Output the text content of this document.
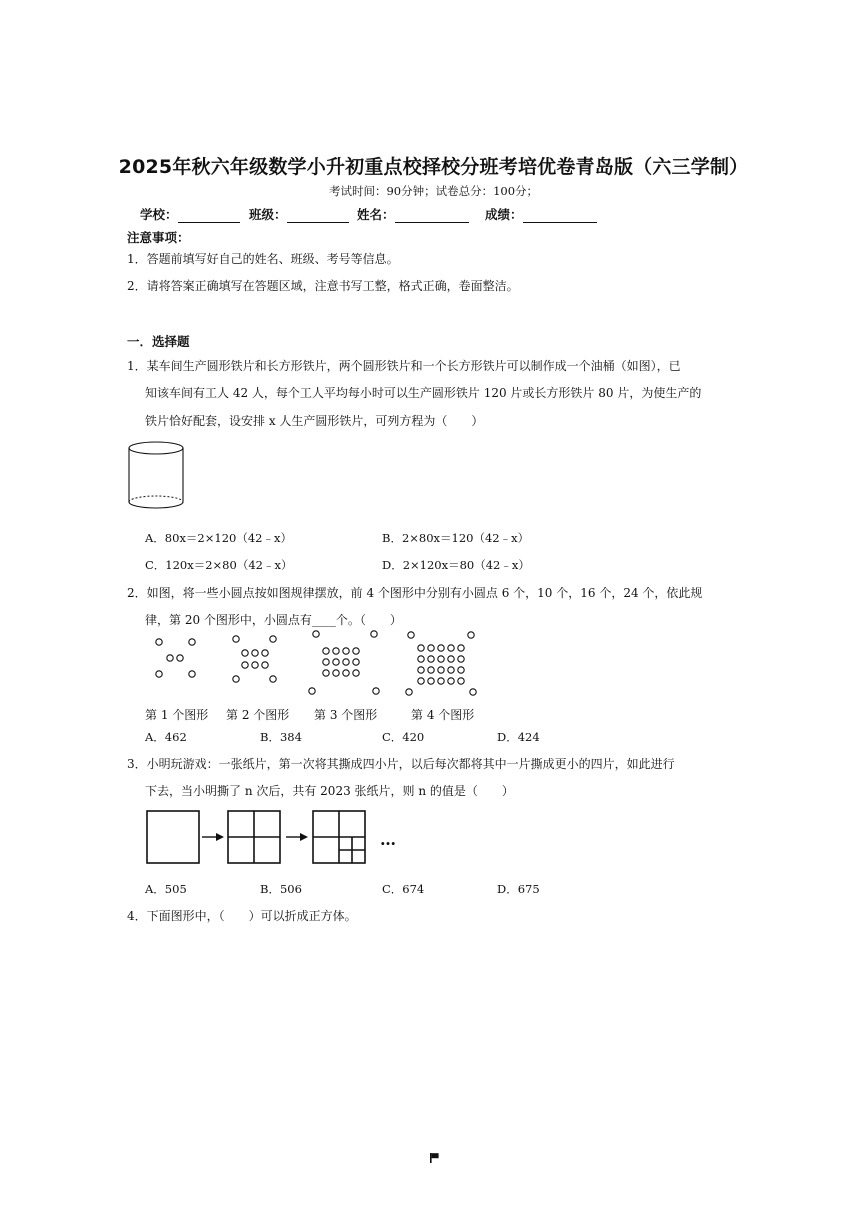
2025年秋六年级数学小升初重点校择校分班考培优卷青岛版（六三学制）
考试时间：90分钟；试卷总分：100分；
学校：	班级：	姓名：	成绩：
注意事项：
1．答题前填写好自己的姓名、班级、考号等信息。
2．请将答案正确填写在答题区域，注意书写工整，格式正确，卷面整洁。
一．选择题
1．某车间生产圆形铁片和长方形铁片，两个圆形铁片和一个长方形铁片可以制作成一个油桶（如图），已
知该车间有工人 42 人，每个工人平均每小时可以生产圆形铁片 120 片或长方形铁片 80 片，为使生产的
铁片恰好配套，设安排 x 人生产圆形铁片，可列方程为（　　）
A．80x＝2×120（42﹣x）	B．2×80x＝120（42﹣x）
C．120x＝2×80（42﹣x）	D．2×120x＝80（42﹣x）
2．如图，将一些小圆点按如图规律摆放，前 4 个图形中分别有小圆点 6 个，10 个，16 个，24 个，依此规
律，第 20 个图形中，小圆点有____个。（　　）
第 1 个图形 第 2 个图形 第 3 个图形	第 4 个图形
A．462	B．384	C．420	D．424
3．小明玩游戏：一张纸片，第一次将其撕成四小片，以后每次都将其中一片撕成更小的四片，如此进行
下去，当小明撕了 n 次后，共有 2023 张纸片，则 n 的值是（　　）
…
A．505	B．506	C．674	D．675
4．下面图形中，（　　）可以折成正方体。
